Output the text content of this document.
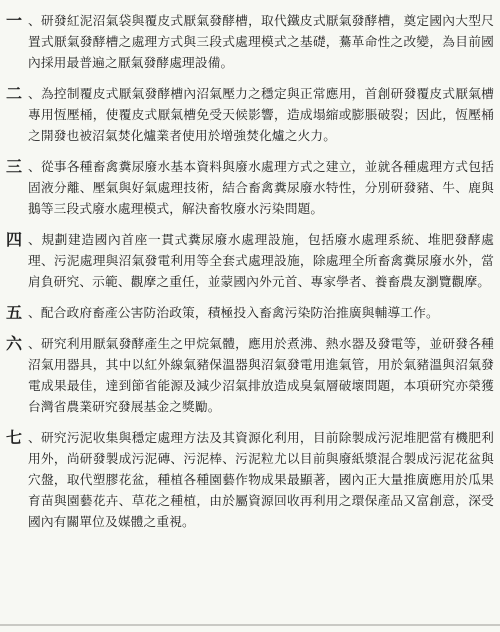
一 、研發紅泥沼氣袋與覆皮式厭氣發酵槽，取代鐵皮式厭氣發酵槽，奠定國內大型尺置式厭氣發酵槽之處理方式與三段式處理模式之基礎，驀革命性之改變，為目前國內採用最普遍之厭氣發酵處理設備。
二 、為控制覆皮式厭氣發酵槽內沼氣壓力之穩定與正常應用，首創研發覆皮式厭氣槽專用恆壓桶，使覆皮式厭氣槽免受天候影響，造成塌縮或膨脹破裂；因此，恆壓桶之開發也被沼氣焚化爐業者使用於增強焚化爐之火力。
三 、從事各種畜禽糞尿廢水基本資料與廢水處理方式之建立，並就各種處理方式包括固液分離、壓氣與好氣處理技術，結合畜禽糞尿廢水特性，分別研發豬、牛、鹿與鵝等三段式廢水處理模式，解決畜牧廢水污染問題。
四 、規劃建造國內首座一貫式糞尿廢水處理設施，包括廢水處理系統、堆肥發酵處理、污泥處理與沼氣發電利用等全套式處理設施，除處理全所畜禽糞尿廢水外，當肩負研究、示範、觀摩之重任，並蒙國內外元首、專家學者、養畜農友瀏覽觀摩。
五 、配合政府畜產公害防治政策，積極投入畜禽污染防治推廣與輔導工作。
六 、研究利用厭氣發酵產生之甲烷氣體，應用於煮沸、熱水器及發電等，並研發各種沼氣用器具，其中以紅外線氣豬保溫器與沼氣發電用進氣管，用於氣豬溫與沼氣發電成果最佳，達到節省能源及減少沼氣排放造成臭氣層破壞問題，本項研究亦榮獲台灣省農業研究發展基金之獎勵。
七 、研究污泥收集與穩定處理方法及其資源化利用，目前除製成污泥堆肥當有機肥利用外，尚研發製成污泥磚、污泥棒、污泥粒尤以目前與廢紙漿混合製成污泥花盆與穴盤，取代塑膠花盆，種植各種園藝作物成果最顯著，國內正大量推廣應用於瓜果育苗與園藝花卉、草花之種植，由於屬資源回收再利用之環保產品又富創意，深受國內有關單位及媒體之重視。
